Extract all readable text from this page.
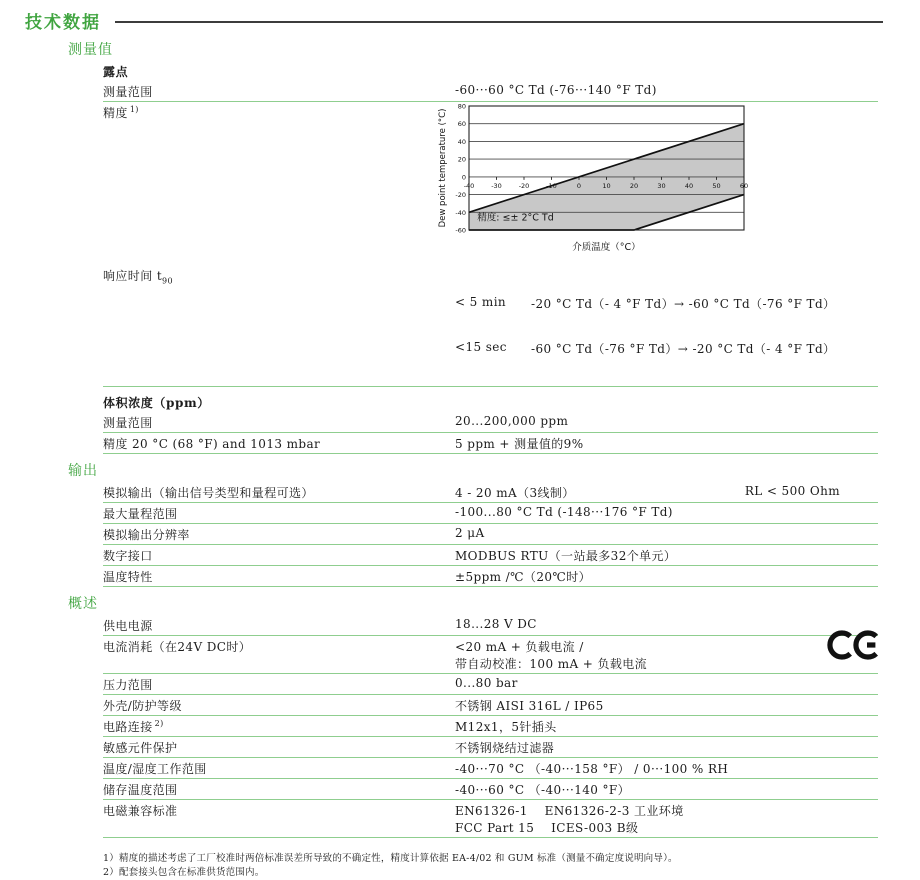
技术数据
测量值
露点
测量范围	-60···60 °C Td (-76···140 °F Td)
精度 $^{1)}$
-40	-30	-20	-10	0	10	20	30	40	50	60
-60
-40
-20
0
20
40
60
80
精度: ≤± 2°C Td
Dew point temperature (°C)
介质温度（°C）
响应时间 $t_{90}$

< 5 min	-20 °C Td（- 4 °F Td）→ -60 °C Td（-76 °F Td）

<15 sec	-60 °C Td（-76 °F Td）→ -20 °C Td（- 4 °F Td）

体积浓度（ppm）
测量范围	20...200,000 ppm
精度 20 °C (68 °F) and 1013 mbar	5 ppm + 测量值的9%
输出
模拟输出（输出信号类型和量程可选）	4 - 20 mA（3线制）	RL < 500 Ohm
最大量程范围	-100...80 °C Td (-148···176 °F Td)
模拟输出分辨率	2 μA
数字接口	MODBUS RTU（一站最多32个单元）
温度特性	±5ppm /℃（20℃时）
概述
供电电源	18...28 V DC
电流消耗（在24V DC时）	<20 mA + 负载电流 /
带自动校准：100 mA + 负载电流
压力范围	0...80 bar
外壳/防护等级	不锈钢 AISI 316L / IP65
电路连接 $^{2)}$	M12x1，5针插头
敏感元件保护	不锈钢烧结过滤器
温度/湿度工作范围	-40···70 °C （-40···158 °F） / 0···100 % RH
储存温度范围	-40···60 °C （-40···140 °F）
电磁兼容标准	EN61326-1    EN61326-2-3 工业环境
FCC Part 15    ICES-003 B级
1）精度的描述考虑了工厂校准时两倍标准误差所导致的不确定性，精度计算依据 EA-4/02 和 GUM 标准（测量不确定度说明向导）。
2）配套接头包含在标准供货范围内。
